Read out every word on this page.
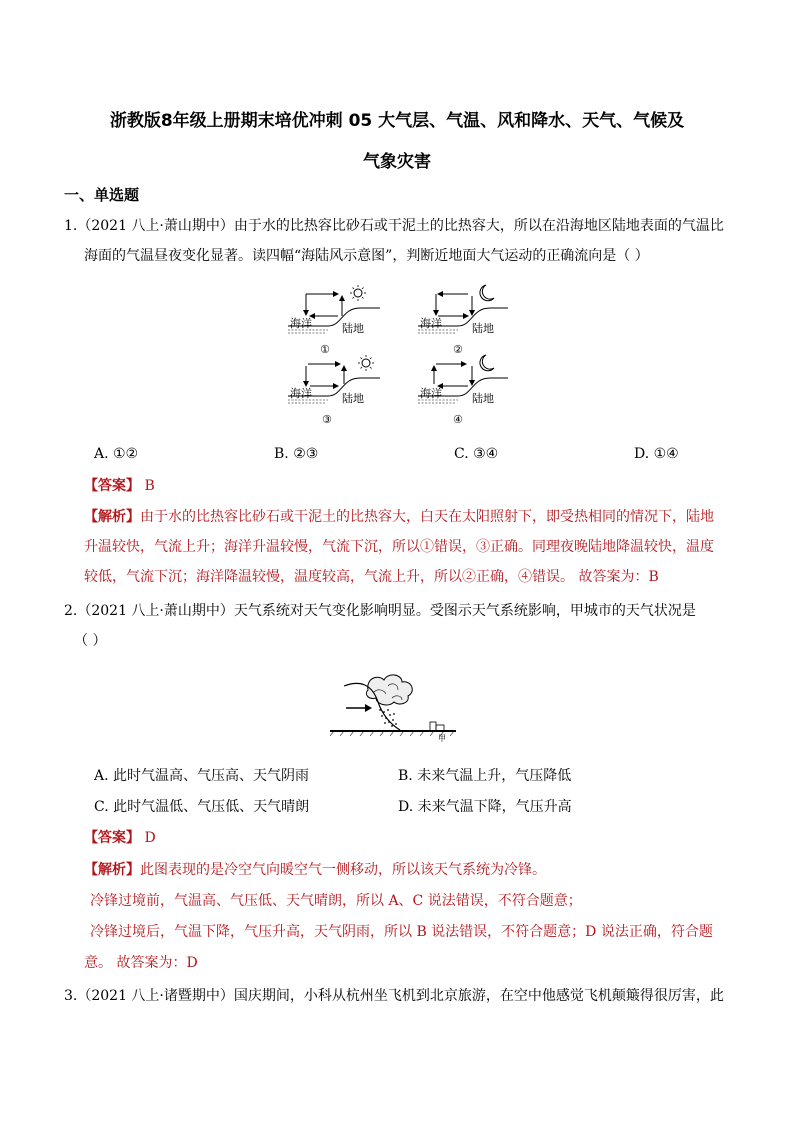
浙教版8年级上册期末培优冲刺 05 大气层、气温、风和降水、天气、气候及
气象灾害
一、单选题
1.（2021 八上·萧山期中）由于水的比热容比砂石或干泥土的比热容大，所以在沿海地区陆地表面的气温比
海面的气温昼夜变化显著。读四幅“海陆风示意图”，判断近地面大气运动的正确流向是（ ）
海洋	陆地	海洋	陆地
海洋	陆地	海洋	陆地
①	②
③	④
A. ①②	B. ②③	C. ③④	D. ①④
【答案】 B
【解析】由于水的比热容比砂石或干泥土的比热容大，白天在太阳照射下，即受热相同的情况下，陆地
升温较快，气流上升；海洋升温较慢，气流下沉，所以①错误，③正确。同理夜晚陆地降温较快，温度
较低，气流下沉；海洋降温较慢，温度较高，气流上升，所以②正确，④错误。 故答案为：B
2.（2021 八上·萧山期中）天气系统对天气变化影响明显。受图示天气系统影响，甲城市的天气状况是
（ ）
甲
A. 此时气温高、气压高、天气阴雨	B. 未来气温上升，气压降低
C. 此时气温低、气压低、天气晴朗	D. 未来气温下降，气压升高
【答案】 D
【解析】此图表现的是冷空气向暖空气一侧移动，所以该天气系统为冷锋。
冷锋过境前，气温高、气压低、天气晴朗，所以 A、C 说法错误，不符合题意；
冷锋过境后，气温下降，气压升高，天气阴雨，所以 B 说法错误，不符合题意；D 说法正确，符合题
意。 故答案为：D
3.（2021 八上·诸暨期中）国庆期间，小科从杭州坐飞机到北京旅游，在空中他感觉飞机颠簸得很厉害，此
